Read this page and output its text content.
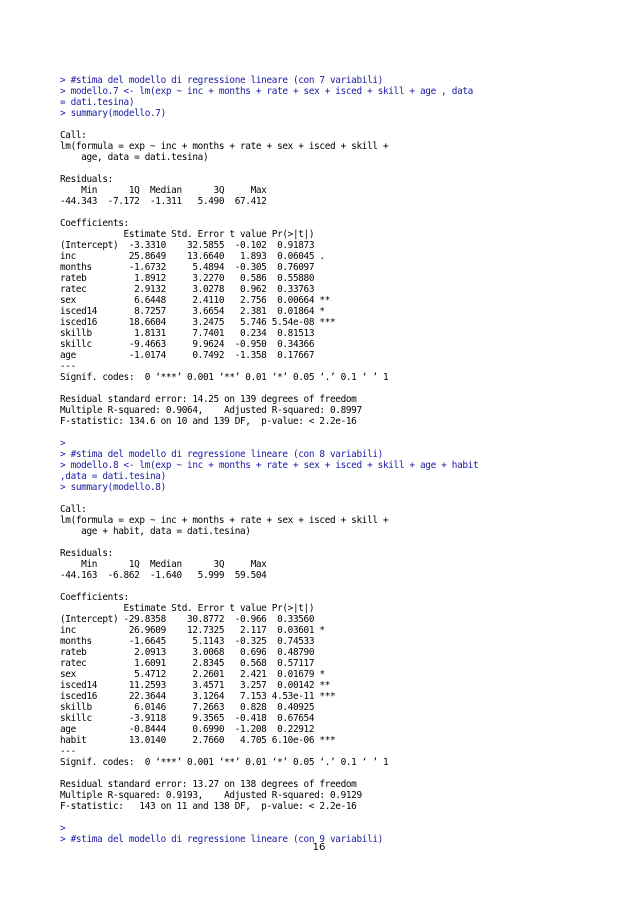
> #stima del modello di regressione lineare (con 7 variabili)
> modello.7 <- lm(exp ~ inc + months + rate + sex + isced + skill + age , data
= dati.tesina)
> summary(modello.7)
Call:
lm(formula = exp ~ inc + months + rate + sex + isced + skill +
age, data = dati.tesina)
Residuals:
Min      1Q  Median      3Q     Max
-44.343  -7.172  -1.311   5.490  67.412
Coefficients:
Estimate Std. Error t value Pr(>|t|)
(Intercept)  -3.3310    32.5855  -0.102  0.91873
inc          25.8649    13.6640   1.893  0.06045 .
months       -1.6732     5.4894  -0.305  0.76097
rateb         1.8912     3.2270   0.586  0.55880
ratec         2.9132     3.0278   0.962  0.33763
sex           6.6448     2.4110   2.756  0.00664 **
isced14       8.7257     3.6654   2.381  0.01864 *
isced16      18.6604     3.2475   5.746 5.54e-08 ***
skillb        1.8131     7.7401   0.234  0.81513
skillc       -9.4663     9.9624  -0.950  0.34366
age          -1.0174     0.7492  -1.358  0.17667
---
Signif. codes:  0 ‘***’ 0.001 ‘**’ 0.01 ‘*’ 0.05 ‘.’ 0.1 ‘ ’ 1
Residual standard error: 14.25 on 139 degrees of freedom
Multiple R-squared: 0.9064,    Adjusted R-squared: 0.8997
F-statistic: 134.6 on 10 and 139 DF,  p-value: < 2.2e-16
>
> #stima del modello di regressione lineare (con 8 variabili)
> modello.8 <- lm(exp ~ inc + months + rate + sex + isced + skill + age + habit
,data = dati.tesina)
> summary(modello.8)
Call:
lm(formula = exp ~ inc + months + rate + sex + isced + skill +
age + habit, data = dati.tesina)
Residuals:
Min      1Q  Median      3Q     Max
-44.163  -6.862  -1.640   5.999  59.504
Coefficients:
Estimate Std. Error t value Pr(>|t|)
(Intercept) -29.8358    30.8772  -0.966  0.33560
inc          26.9609    12.7325   2.117  0.03601 *
months       -1.6645     5.1143  -0.325  0.74533
rateb         2.0913     3.0068   0.696  0.48790
ratec         1.6091     2.8345   0.568  0.57117
sex           5.4712     2.2601   2.421  0.01679 *
isced14      11.2593     3.4571   3.257  0.00142 **
isced16      22.3644     3.1264   7.153 4.53e-11 ***
skillb        6.0146     7.2663   0.828  0.40925
skillc       -3.9118     9.3565  -0.418  0.67654
age          -0.8444     0.6990  -1.208  0.22912
habit        13.0140     2.7660   4.705 6.10e-06 ***
---
Signif. codes:  0 ‘***’ 0.001 ‘**’ 0.01 ‘*’ 0.05 ‘.’ 0.1 ‘ ’ 1
Residual standard error: 13.27 on 138 degrees of freedom
Multiple R-squared: 0.9193,    Adjusted R-squared: 0.9129
F-statistic:   143 on 11 and 138 DF,  p-value: < 2.2e-16
>
> #stima del modello di regressione lineare (con 9 variabili)
16
